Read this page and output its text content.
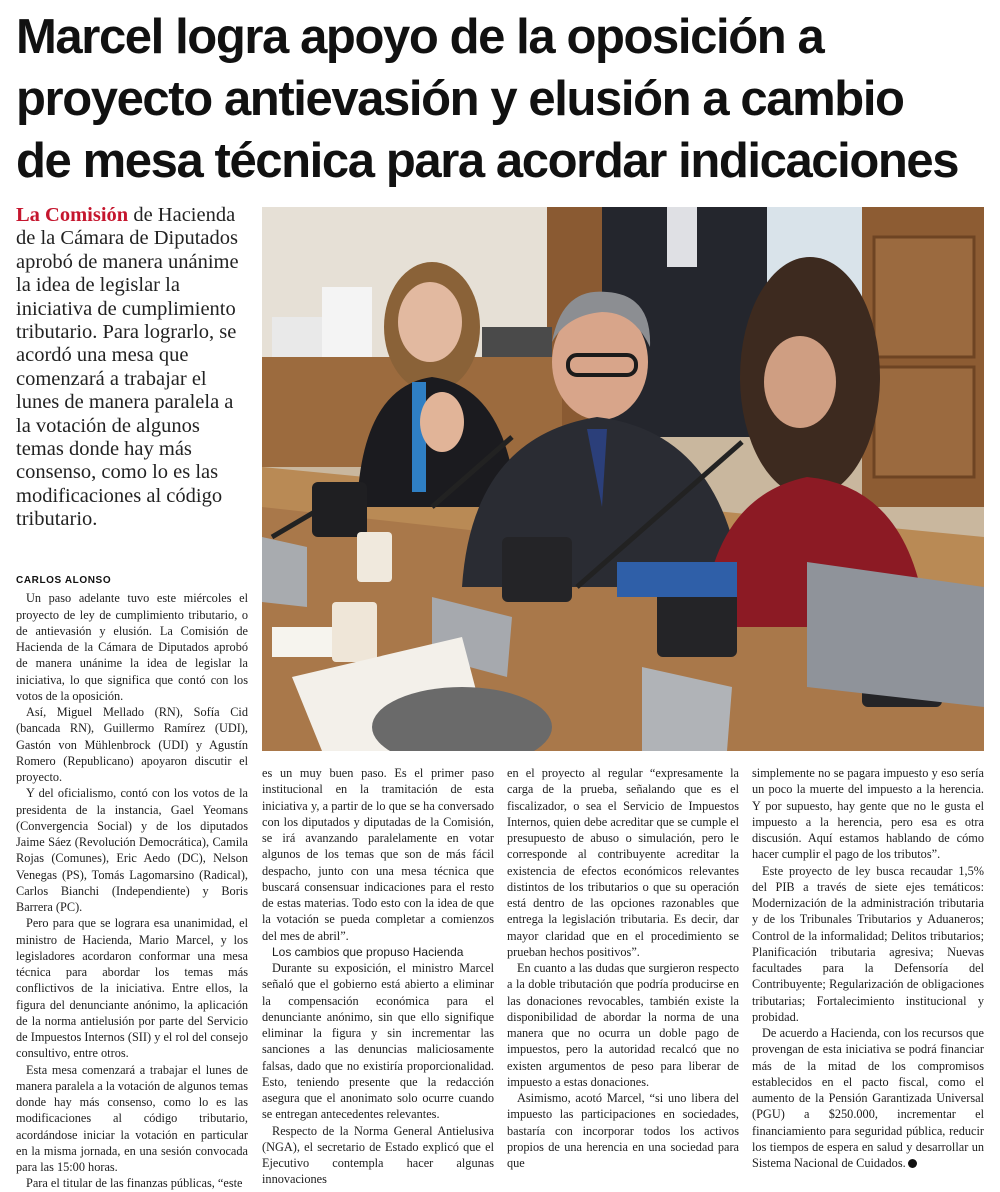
Marcel logra apoyo de la oposición a
proyecto antievasión y elusión a cambio
de mesa técnica para acordar indicaciones
La Comisión de Hacienda de la Cámara de Diputados aprobó de manera unánime la idea de legislar la iniciativa de cumplimiento tributario. Para lograrlo, se acordó una mesa que comenzará a trabajar el lunes de manera paralela a la votación de algunos temas donde hay más consenso, como lo es las modificaciones al código tributario.
CARLOS ALONSO

Un paso adelante tuvo este miércoles el proyecto de ley de cumplimiento tributario, o de antievasión y elusión. La Comisión de Hacienda de la Cámara de Diputados aprobó de manera unánime la idea de legislar la iniciativa, lo que significa que contó con los votos de la oposición.

Así, Miguel Mellado (RN), Sofía Cid (bancada RN), Guillermo Ramírez (UDI), Gastón von Mühlenbrock (UDI) y Agustín Romero (Republicano) apoyaron discutir el proyecto.

Y del oficialismo, contó con los votos de la presidenta de la instancia, Gael Yeomans (Convergencia Social) y de los diputados Jaime Sáez (Revolución Democrática), Camila Rojas (Comunes), Eric Aedo (DC), Nelson Venegas (PS), Tomás Lagomarsino (Radical), Carlos Bianchi (Independiente) y Boris Barrera (PC).

Pero para que se lograra esa unanimidad, el ministro de Hacienda, Mario Marcel, y los legisladores acordaron conformar una mesa técnica para abordar los temas más conflictivos de la iniciativa. Entre ellos, la figura del denunciante anónimo, la aplicación de la norma antielusión por parte del Servicio de Impuestos Internos (SII) y el rol del consejo consultivo, entre otros.

Esta mesa comenzará a trabajar el lunes de manera paralela a la votación de algunos temas donde hay más consenso, como lo es las modificaciones al código tributario, acordándose iniciar la votación en particular en la misma jornada, en una sesión convocada para las 15:00 horas.

Para el titular de las finanzas públicas, “este

es un muy buen paso. Es el primer paso institucional en la tramitación de esta iniciativa y, a partir de lo que se ha conversado con los diputados y diputadas de la Comisión, se irá avanzando paralelamente en votar algunos de los temas que son de más fácil despacho, junto con una mesa técnica que buscará consensuar indicaciones para el resto de estas materias. Todo esto con la idea de que la votación se pueda completar a comienzos del mes de abril”.

Los cambios que propuso Hacienda

Durante su exposición, el ministro Marcel señaló que el gobierno está abierto a eliminar la compensación económica para el denunciante anónimo, sin que ello signifique eliminar la figura y sin incrementar las sanciones a las denuncias maliciosamente falsas, dado que no existiría proporcionalidad. Esto, teniendo presente que la redacción asegura que el anonimato solo ocurre cuando se entregan antecedentes relevantes.

Respecto de la Norma General Antielusiva (NGA), el secretario de Estado explicó que el Ejecutivo contempla hacer algunas innovaciones

en el proyecto al regular “expresamente la carga de la prueba, señalando que es el fiscalizador, o sea el Servicio de Impuestos Internos, quien debe acreditar que se cumple el presupuesto de abuso o simulación, pero le corresponde al contribuyente acreditar la existencia de efectos económicos relevantes distintos de los tributarios o que su operación está dentro de las opciones razonables que entrega la legislación tributaria. Es decir, dar mayor claridad que en el procedimiento se prueban hechos positivos”.

En cuanto a las dudas que surgieron respecto a la doble tributación que podría producirse en las donaciones revocables, también existe la disponibilidad de abordar la norma de una manera que no ocurra un doble pago de impuestos, pero la autoridad recalcó que no existen argumentos de peso para liberar de impuesto a estas donaciones.

Asimismo, acotó Marcel, “si uno libera del impuesto las participaciones en sociedades, bastaría con incorporar todos los activos propios de una herencia en una sociedad para que

simplemente no se pagara impuesto y eso sería un poco la muerte del impuesto a la herencia. Y por supuesto, hay gente que no le gusta el impuesto a la herencia, pero esa es otra discusión. Aquí estamos hablando de cómo hacer cumplir el pago de los tributos”.

Este proyecto de ley busca recaudar 1,5% del PIB a través de siete ejes temáticos: Modernización de la administración tributaria y de los Tribunales Tributarios y Aduaneros; Control de la informalidad; Delitos tributarios; Planificación tributaria agresiva; Nuevas facultades para la Defensoría del Contribuyente; Regularización de obligaciones tributarias; Fortalecimiento institucional y probidad.

De acuerdo a Hacienda, con los recursos que provengan de esta iniciativa se podrá financiar más de la mitad de los compromisos establecidos en el pacto fiscal, como el aumento de la Pensión Garantizada Universal (PGU) a $250.000, incrementar el financiamiento para seguridad pública, reducir los tiempos de espera en salud y desarrollar un Sistema Nacional de Cuidados.
